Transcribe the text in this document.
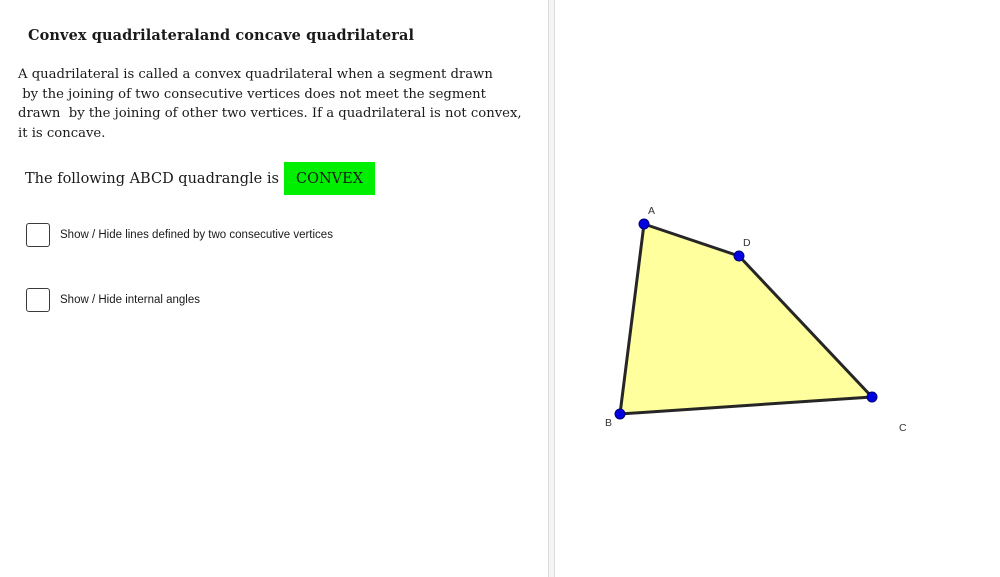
Convex quadrilateraland concave quadrilateral
A quadrilateral is called a convex quadrilateral when a segment drawn
by the joining of two consecutive vertices does not meet the segment
drawn  by the joining of other two vertices. If a quadrilateral is not convex,
it is concave.
The following ABCD quadrangle is	CONVEX
Show / Hide lines defined by two consecutive vertices
Show / Hide internal angles
A
B	C
D
